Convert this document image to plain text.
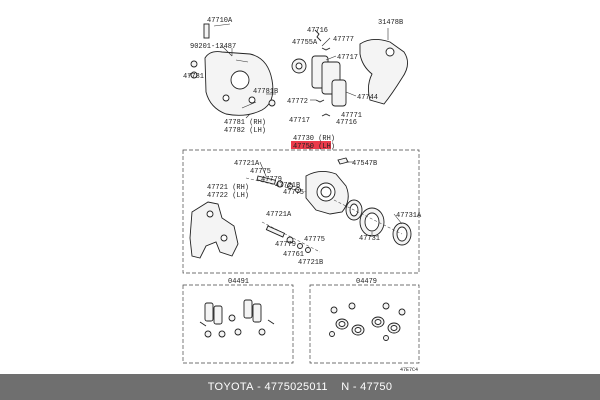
47710A
90201-12487
47781
47781B
47781 (RH)
47782 (LH)
47716
47755A 47777
47717
47772	47744
47771
47717	47716
31478B
47730 (RH)
47750 (LH)
47721A
47775
47779
47721 (RH)
47722 (LH)
47721B
47775
47547B
47721A	47731A
47731
47775
47779
47761
47721B
04491	04479
47E7C4
TOYOTA - 4775025011 N - 47750
